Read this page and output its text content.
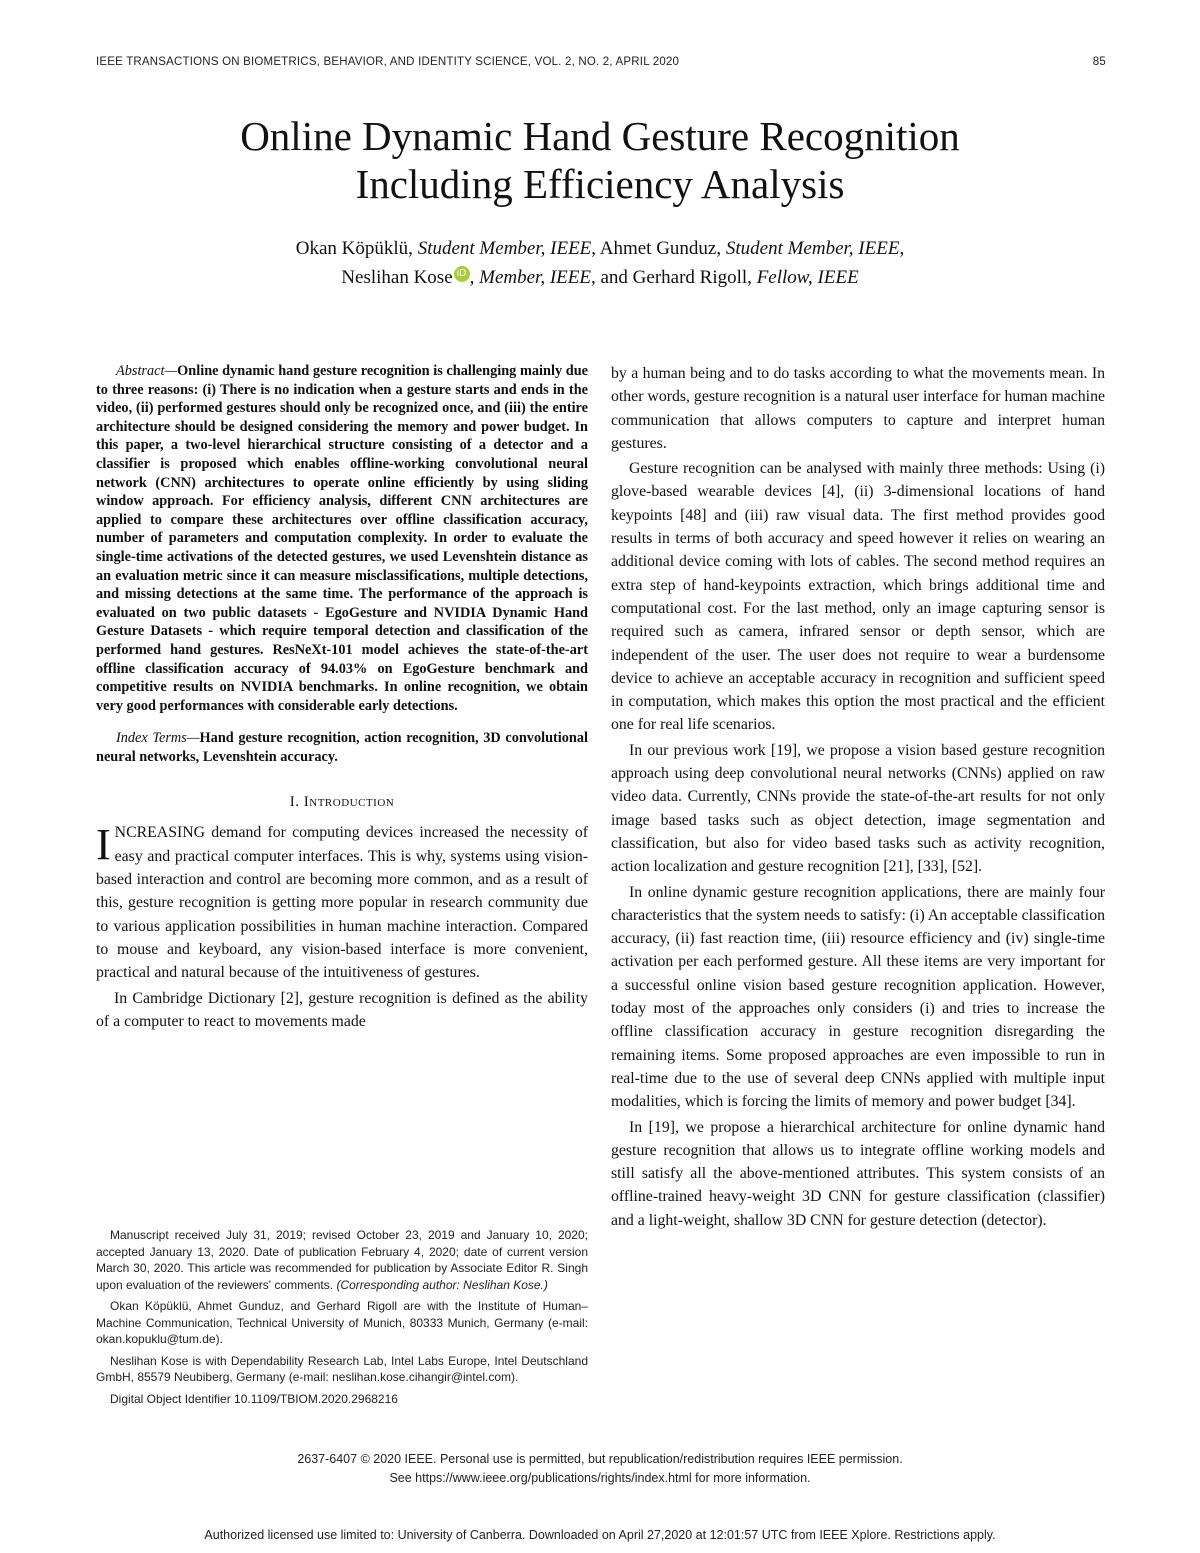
IEEE TRANSACTIONS ON BIOMETRICS, BEHAVIOR, AND IDENTITY SCIENCE, VOL. 2, NO. 2, APRIL 2020	85
Online Dynamic Hand Gesture Recognition
Including Efficiency Analysis
Okan Köpüklü, Student Member, IEEE, Ahmet Gunduz, Student Member, IEEE,
Neslihan Kose iD , Member, IEEE, and Gerhard Rigoll, Fellow, IEEE

Abstract—Online dynamic hand gesture recognition is challenging mainly due to three reasons: (i) There is no indication when a gesture starts and ends in the video, (ii) performed gestures should only be recognized once, and (iii) the entire architecture should be designed considering the memory and power budget. In this paper, a two-level hierarchical structure consisting of a detector and a classifier is proposed which enables offline-working convolutional neural network (CNN) architectures to operate online efficiently by using sliding window approach. For efficiency analysis, different CNN architectures are applied to compare these architectures over offline classification accuracy, number of parameters and computation complexity. In order to evaluate the single-time activations of the detected gestures, we used Levenshtein distance as an evaluation metric since it can measure misclassifications, multiple detections, and missing detections at the same time. The performance of the approach is evaluated on two public datasets - EgoGesture and NVIDIA Dynamic Hand Gesture Datasets - which require temporal detection and classification of the performed hand gestures. ResNeXt-101 model achieves the state-of-the-art offline classification accuracy of 94.03% on EgoGesture benchmark and competitive results on NVIDIA benchmarks. In online recognition, we obtain very good performances with considerable early detections.

Index Terms—Hand gesture recognition, action recognition, 3D convolutional neural networks, Levenshtein accuracy.

I. Introduction

INCREASING demand for computing devices increased the necessity of easy and practical computer interfaces. This is why, systems using vision-based interaction and control are becoming more common, and as a result of this, gesture recognition is getting more popular in research community due to various application possibilities in human machine interaction. Compared to mouse and keyboard, any vision-based interface is more convenient, practical and natural because of the intuitiveness of gestures.

In Cambridge Dictionary [2], gesture recognition is defined as the ability of a computer to react to movements made

by a human being and to do tasks according to what the movements mean. In other words, gesture recognition is a natural user interface for human machine communication that allows computers to capture and interpret human gestures.

Gesture recognition can be analysed with mainly three methods: Using (i) glove-based wearable devices [4], (ii) 3-dimensional locations of hand keypoints [48] and (iii) raw visual data. The first method provides good results in terms of both accuracy and speed however it relies on wearing an additional device coming with lots of cables. The second method requires an extra step of hand-keypoints extraction, which brings additional time and computational cost. For the last method, only an image capturing sensor is required such as camera, infrared sensor or depth sensor, which are independent of the user. The user does not require to wear a burdensome device to achieve an acceptable accuracy in recognition and sufficient speed in computation, which makes this option the most practical and the efficient one for real life scenarios.

In our previous work [19], we propose a vision based gesture recognition approach using deep convolutional neural networks (CNNs) applied on raw video data. Currently, CNNs provide the state-of-the-art results for not only image based tasks such as object detection, image segmentation and classification, but also for video based tasks such as activity recognition, action localization and gesture recognition [21], [33], [52].

In online dynamic gesture recognition applications, there are mainly four characteristics that the system needs to satisfy: (i) An acceptable classification accuracy, (ii) fast reaction time, (iii) resource efficiency and (iv) single-time activation per each performed gesture. All these items are very important for a successful online vision based gesture recognition application. However, today most of the approaches only considers (i) and tries to increase the offline classification accuracy in gesture recognition disregarding the remaining items. Some proposed approaches are even impossible to run in real-time due to the use of several deep CNNs applied with multiple input modalities, which is forcing the limits of memory and power budget [34].

In [19], we propose a hierarchical architecture for online dynamic hand gesture recognition that allows us to integrate offline working models and still satisfy all the above-mentioned attributes. This system consists of an offline-trained heavy-weight 3D CNN for gesture classification (classifier) and a light-weight, shallow 3D CNN for gesture detection (detector).

Manuscript received July 31, 2019; revised October 23, 2019 and January 10, 2020; accepted January 13, 2020. Date of publication February 4, 2020; date of current version March 30, 2020. This article was recommended for publication by Associate Editor R. Singh upon evaluation of the reviewers' comments. (Corresponding author: Neslihan Kose.)

Okan Köpüklü, Ahmet Gunduz, and Gerhard Rigoll are with the Institute of Human–Machine Communication, Technical University of Munich, 80333 Munich, Germany (e-mail: okan.kopuklu@tum.de).

Neslihan Kose is with Dependability Research Lab, Intel Labs Europe, Intel Deutschland GmbH, 85579 Neubiberg, Germany (e-mail: neslihan.kose.cihangir@intel.com).

Digital Object Identifier 10.1109/TBIOM.2020.2968216

2637-6407 © 2020 IEEE. Personal use is permitted, but republication/redistribution requires IEEE permission.
See https://www.ieee.org/publications/rights/index.html for more information.
Authorized licensed use limited to: University of Canberra. Downloaded on April 27,2020 at 12:01:57 UTC from IEEE Xplore. Restrictions apply.
